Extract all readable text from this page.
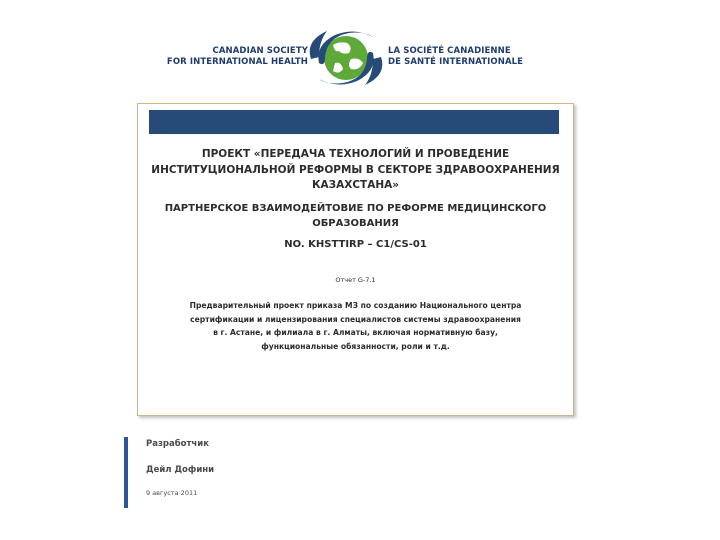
CANADIAN SOCIETY
FOR INTERNATIONAL HEALTH
LA SOCIÉTÉ CANADIENNE
DE SANTÉ INTERNATIONALE
ПРОЕКТ «ПЕРЕДАЧА ТЕХНОЛОГИЙ И ПРОВЕДЕНИЕ
ИНСТИТУЦИОНАЛЬНОЙ РЕФОРМЫ В СЕКТОРЕ ЗДРАВООХРАНЕНИЯ
КАЗАХСТАНА»
ПАРТНЕРСКОЕ ВЗАИМОДЕЙТОВИЕ ПО РЕФОРМЕ МЕДИЦИНСКОГО
ОБРАЗОВАНИЯ
NO. KHSTTIRP – C1/CS-01
Отчет G-7.1
Предварительный проект приказа МЗ по созданию Национального центра
сертификации и лицензирования специалистов системы здравоохранения
в г. Астане, и филиала в г. Алматы, включая нормативную базу,
функциональные обязанности, роли и т.д.
Разработчик
Дейл Дофини
9 августа 2011
